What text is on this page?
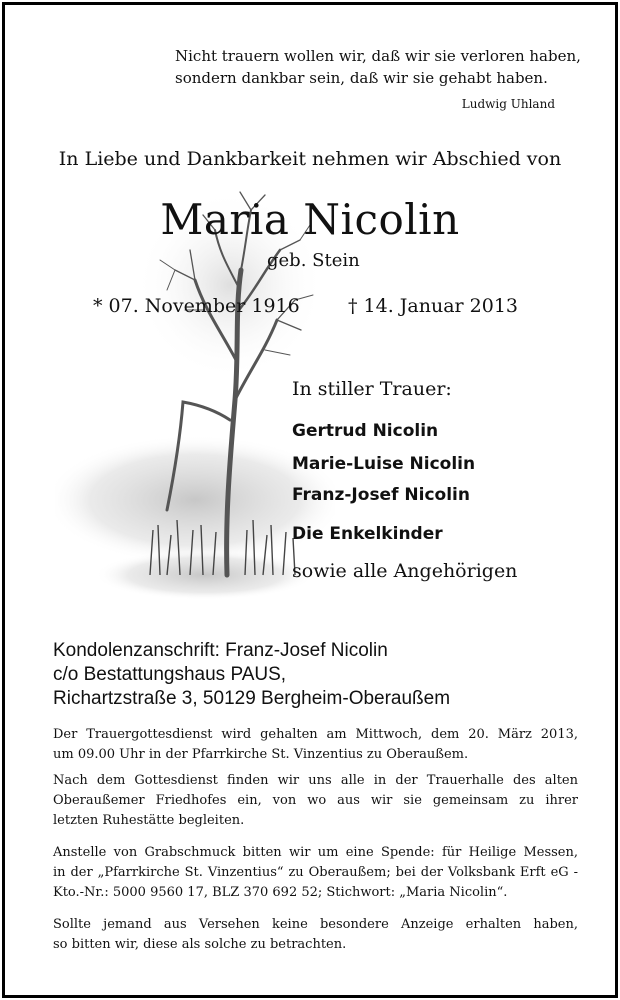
Nicht trauern wollen wir, daß wir sie verloren haben,
sondern dankbar sein, daß wir sie gehabt haben.
Ludwig Uhland
In Liebe und Dankbarkeit nehmen wir Abschied von
Maria Nicolin
geb. Stein
* 07. November 1916	† 14. Januar 2013
In stiller Trauer:
Gertrud Nicolin
Marie-Luise Nicolin
Franz-Josef Nicolin
Die Enkelkinder
sowie alle Angehörigen
Kondolenzanschrift: Franz-Josef Nicolin
c/o Bestattungshaus PAUS,
Richartzstraße 3, 50129 Bergheim-Oberaußem
Der Trauergottesdienst wird gehalten am Mittwoch, dem 20. März 2013,
um 09.00 Uhr in der Pfarrkirche St. Vinzentius zu Oberaußem.
Nach dem Gottesdienst finden wir uns alle in der Trauerhalle des alten
Oberaußemer Friedhofes ein, von wo aus wir sie gemeinsam zu ihrer
letzten Ruhestätte begleiten.
Anstelle von Grabschmuck bitten wir um eine Spende: für Heilige Messen,
in der „Pfarrkirche St. Vinzentius“ zu Oberaußem; bei der Volksbank Erft eG -
Kto.-Nr.: 5000 9560 17, BLZ 370 692 52; Stichwort: „Maria Nicolin“.
Sollte jemand aus Versehen keine besondere Anzeige erhalten haben,
so bitten wir, diese als solche zu betrachten.
